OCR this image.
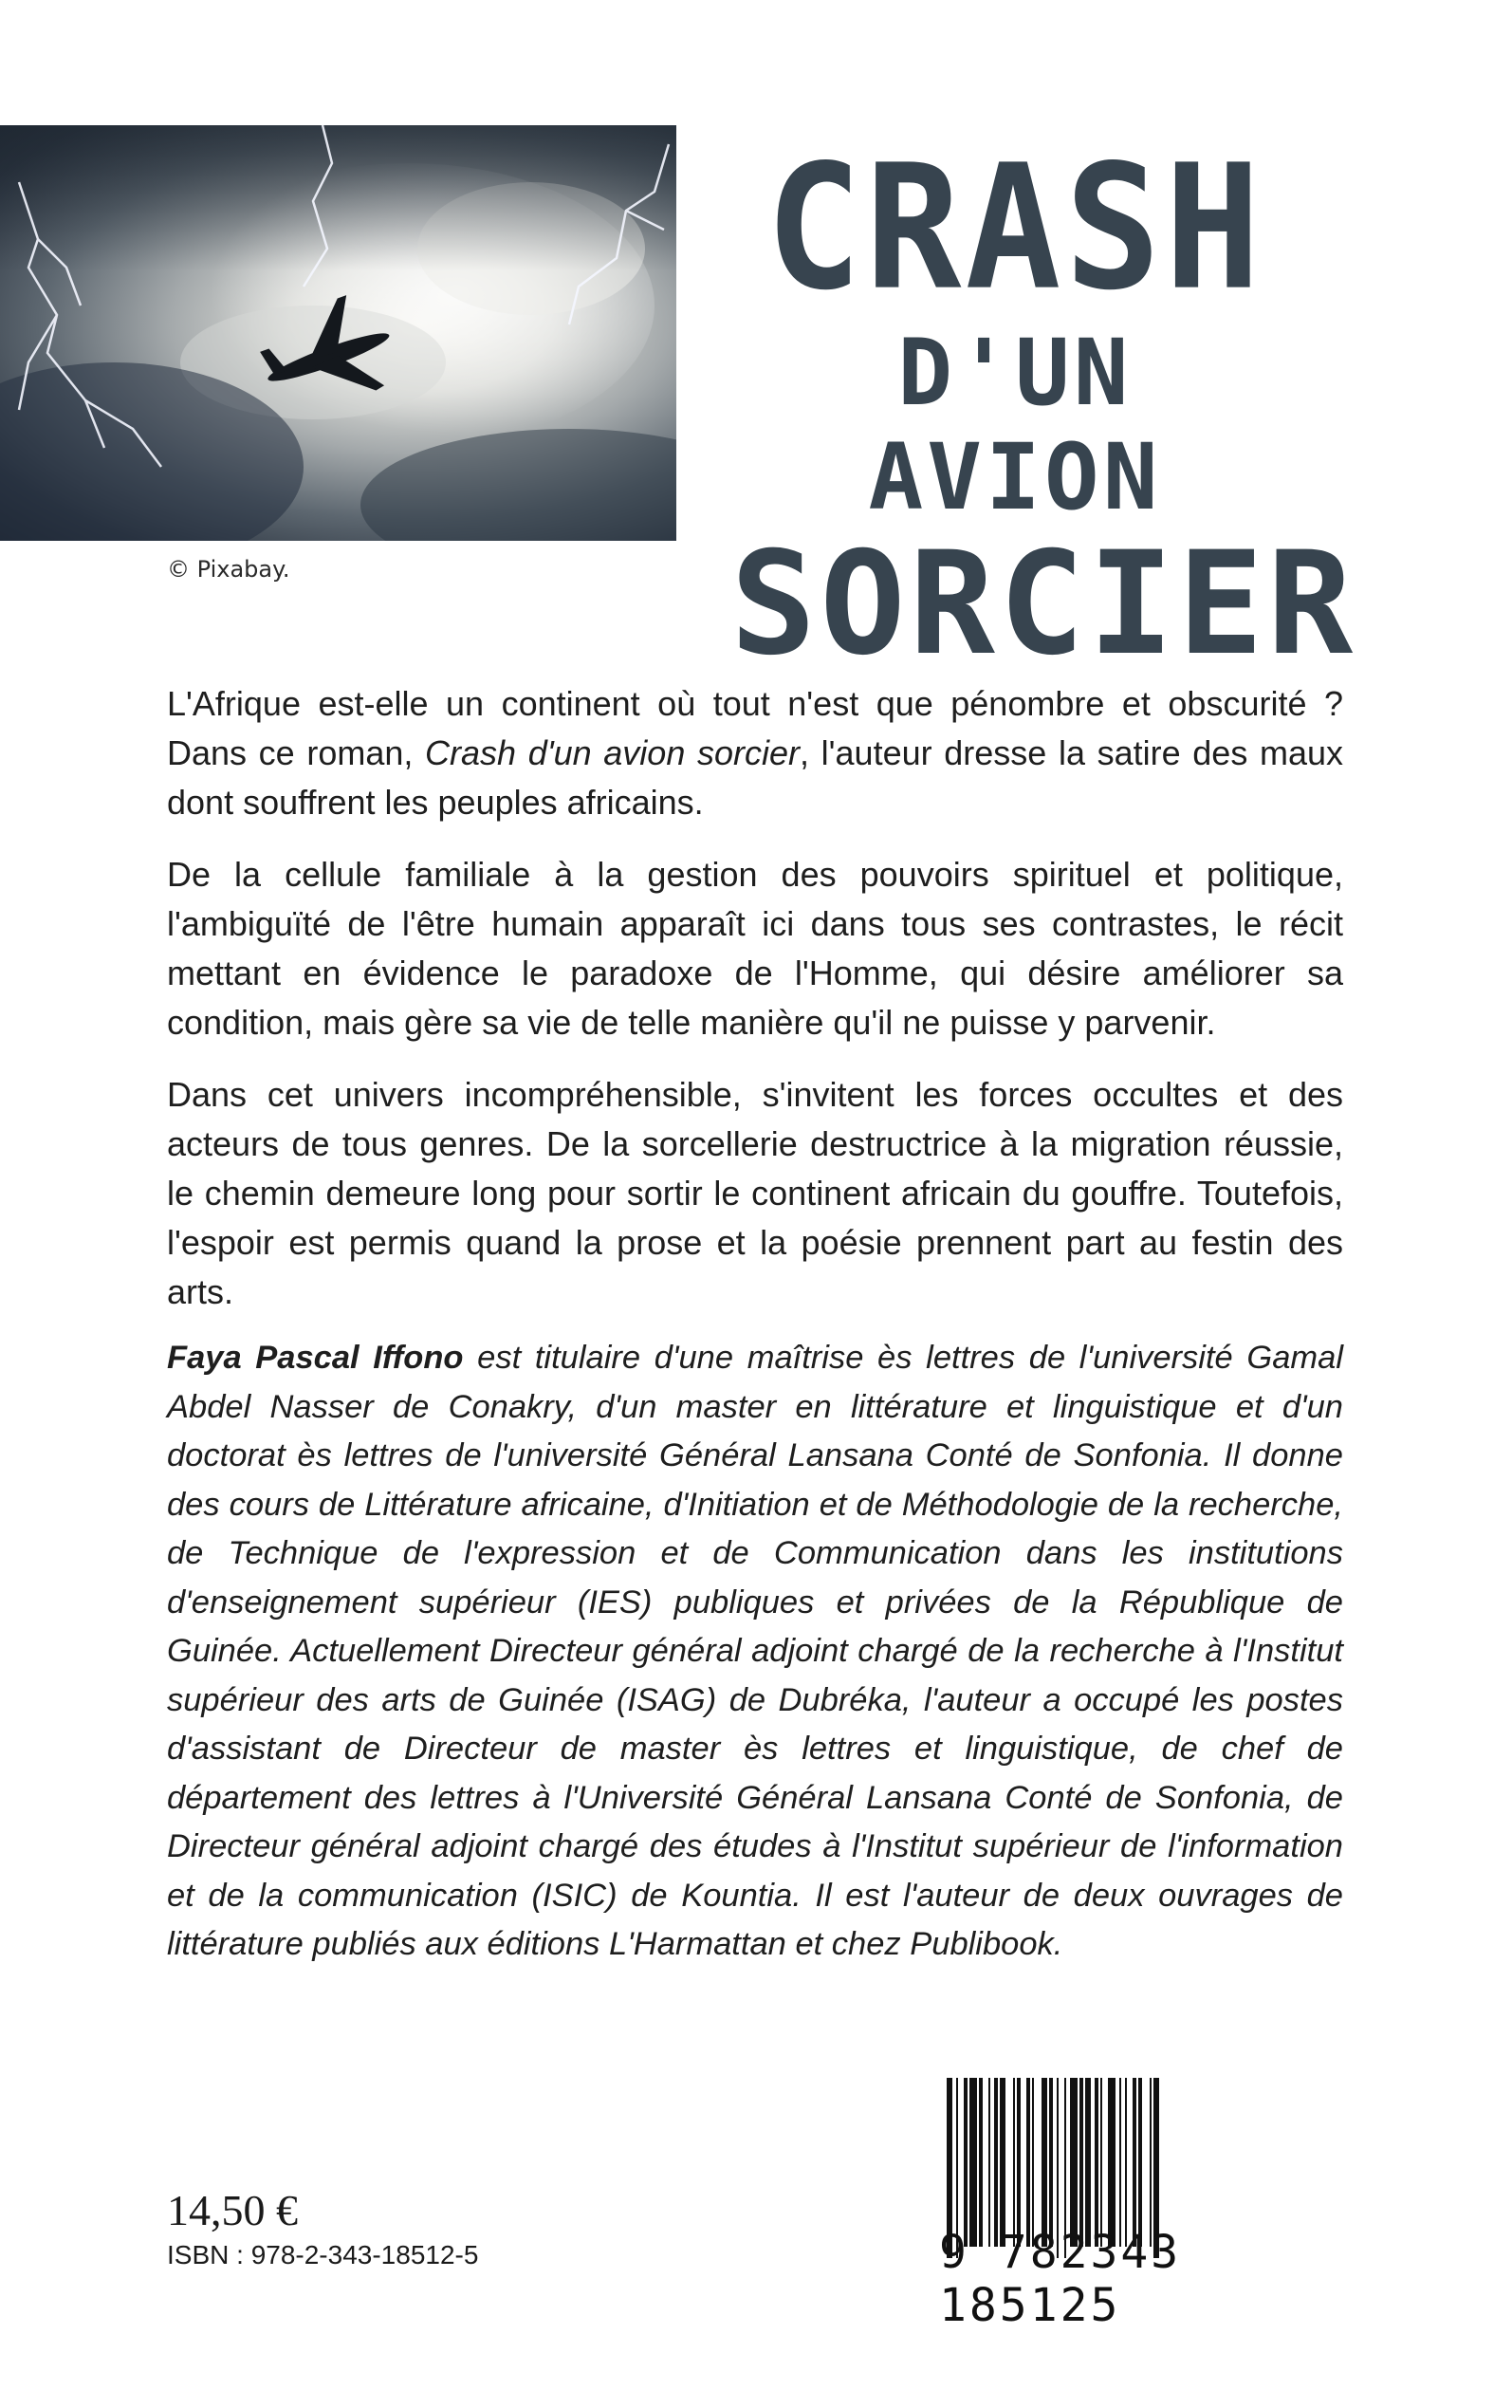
© Pixabay.
CRASH
D'UN AVION
SORCIER

L'Afrique est-elle un continent où tout n'est que pénombre et obscurité ? Dans ce roman, Crash d'un avion sorcier, l'auteur dresse la satire des maux dont souffrent les peuples africains.

De la cellule familiale à la gestion des pouvoirs spirituel et politique, l'ambiguïté de l'être humain apparaît ici dans tous ses contrastes, le récit mettant en évidence le paradoxe de l'Homme, qui désire améliorer sa condition, mais gère sa vie de telle manière qu'il ne puisse y parvenir.

Dans cet univers incompréhensible, s'invitent les forces occultes et des acteurs de tous genres. De la sorcellerie destructrice à la migration réussie, le chemin demeure long pour sortir le continent africain du gouffre. Toutefois, l'espoir est permis quand la prose et la poésie prennent part au festin des arts.

Faya Pascal Iffono est titulaire d'une maîtrise ès lettres de l'université Gamal Abdel Nasser de Conakry, d'un master en littérature et linguistique et d'un doctorat ès lettres de l'université Général Lansana Conté de Sonfonia. Il donne des cours de Littérature africaine, d'Initiation et de Méthodologie de la recherche, de Technique de l'expression et de Communication dans les institutions d'enseignement supérieur (IES) publiques et privées de la République de Guinée. Actuellement Directeur général adjoint chargé de la recherche à l'Institut supérieur des arts de Guinée (ISAG) de Dubréka, l'auteur a occupé les postes d'assistant de Directeur de master ès lettres et linguistique, de chef de département des lettres à l'Université Général Lansana Conté de Sonfonia, de Directeur général adjoint chargé des études à l'Institut supérieur de l'information et de la communication (ISIC) de Kountia. Il est l'auteur de deux ouvrages de littérature publiés aux éditions L'Harmattan et chez Publibook.
14,50 €
ISBN : 978-2-343-18512-5	9 782343 185125
